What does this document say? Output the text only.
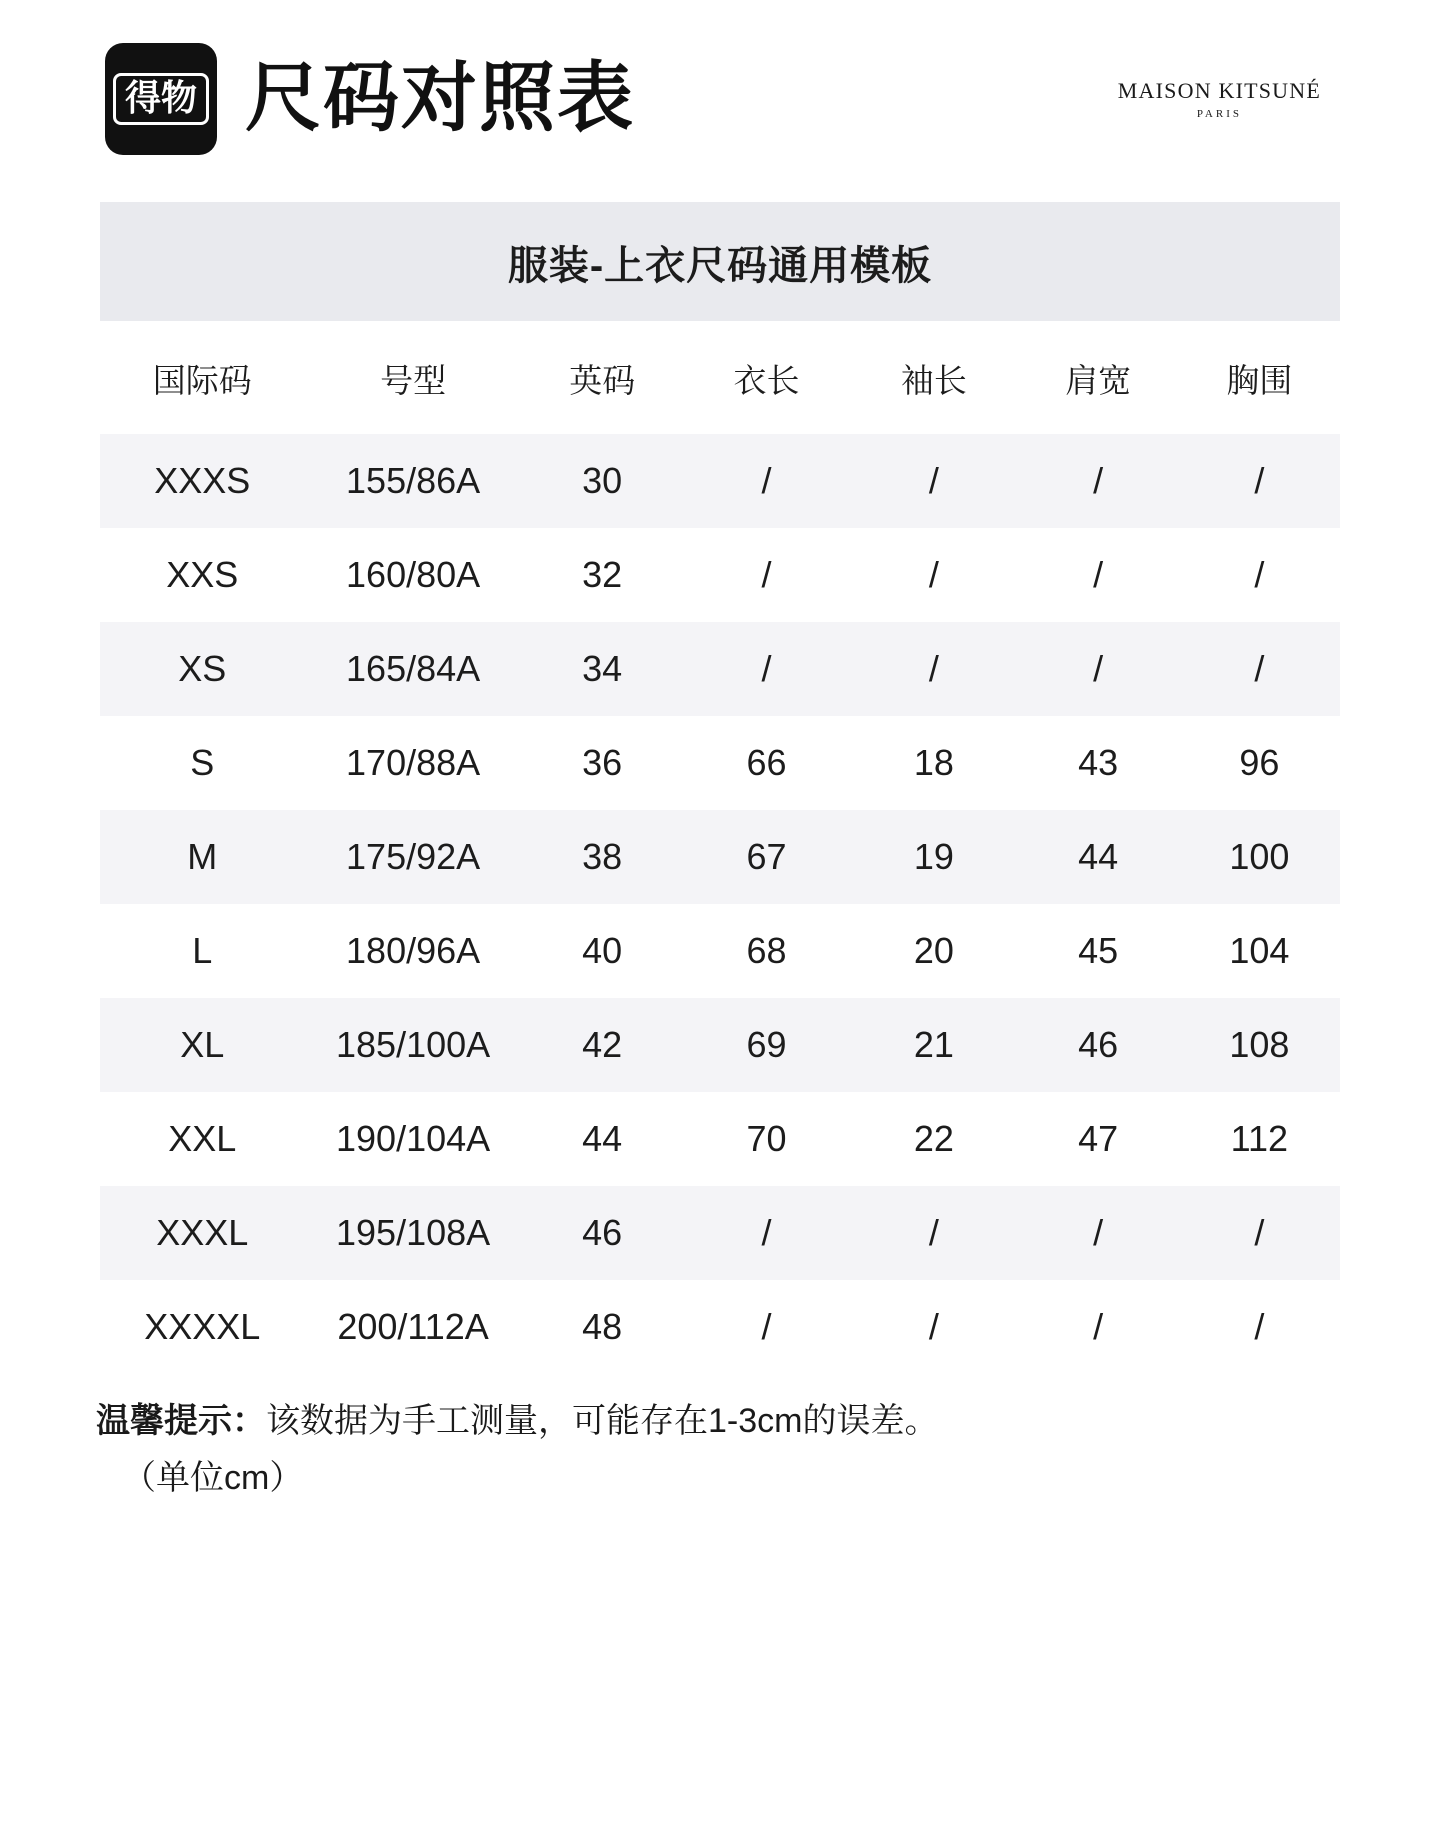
得物 尺码对照表	MAISON KITSUNÉ
PARIS
服装-上衣尺码通用模板
国际码	号型	英码	衣长	袖长	肩宽	胸围
XXXS	155/86A	30	/	/	/	/
XXS	160/80A	32	/	/	/	/
XS	165/84A	34	/	/	/	/
S	170/88A	36	66	18	43	96
M	175/92A	38	67	19	44	100
L	180/96A	40	68	20	45	104
XL	185/100A	42	69	21	46	108
XXL	190/104A	44	70	22	47	112
XXXL	195/108A	46	/	/	/	/
XXXXL	200/112A	48	/	/	/	/
温馨提示：该数据为手工测量，可能存在1-3cm的误差。
（单位cm）
